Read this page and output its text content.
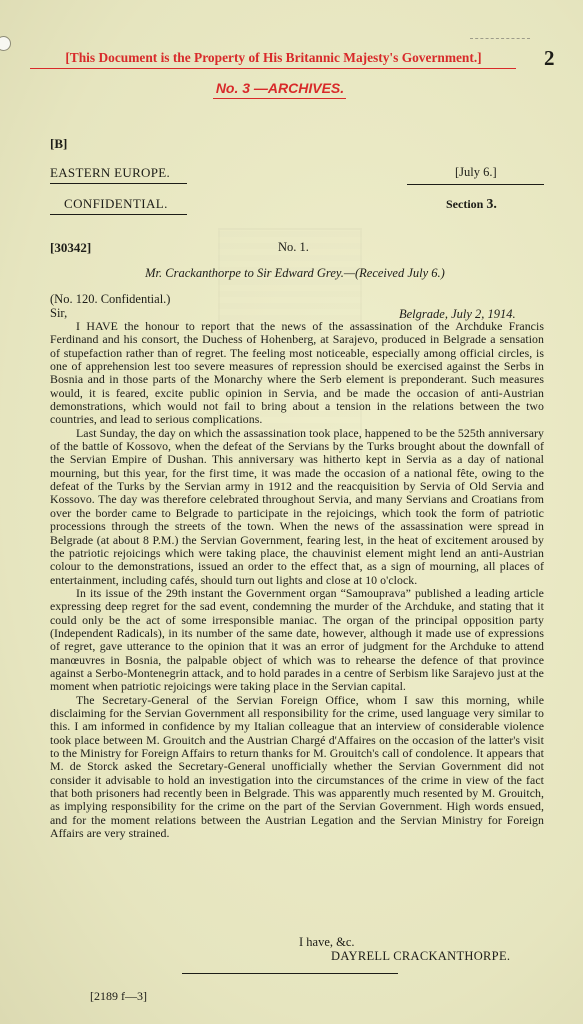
[This Document is the Property of His Britannic Majesty's Government.]	2
No. 3 —ARCHIVES.
[B]
EASTERN EUROPE.	[July 6.]
CONFIDENTIAL.	Section 3.
[30342]	No. 1.
Mr. Crackanthorpe to Sir Edward Grey.—(Received July 6.)
(No. 120. Confidential.)
Sir,	Belgrade, July 2, 1914.

I HAVE the honour to report that the news of the assassination of the Archduke Francis Ferdinand and his consort, the Duchess of Hohenberg, at Sarajevo, produced in Belgrade a sensation of stupefaction rather than of regret. The feeling most noticeable, especially among official circles, is one of apprehension lest too severe measures of repression should be exercised against the Serbs in Bosnia and in those parts of the Monarchy where the Serb element is preponderant. Such measures would, it is feared, excite public opinion in Servia, and be made the occasion of anti-Austrian demonstrations, which would not fail to bring about a tension in the relations between the two countries, and lead to serious complications.

Last Sunday, the day on which the assassination took place, happened to be the 525th anniversary of the battle of Kossovo, when the defeat of the Servians by the Turks brought about the downfall of the Servian Empire of Dushan. This anniversary was hitherto kept in Servia as a day of national mourning, but this year, for the first time, it was made the occasion of a national fête, owing to the defeat of the Turks by the Servian army in 1912 and the reacquisition by Servia of Old Servia and Kossovo. The day was therefore celebrated throughout Servia, and many Servians and Croatians from over the border came to Belgrade to participate in the rejoicings, which took the form of patriotic processions through the streets of the town. When the news of the assassination were spread in Belgrade (at about 8 P.M.) the Servian Government, fearing lest, in the heat of excitement aroused by the patriotic rejoicings which were taking place, the chauvinist element might lend an anti-Austrian colour to the demonstrations, issued an order to the effect that, as a sign of mourning, all places of entertainment, including cafés, should turn out lights and close at 10 o'clock.

In its issue of the 29th instant the Government organ “Samouprava” published a leading article expressing deep regret for the sad event, condemning the murder of the Archduke, and stating that it could only be the act of some irresponsible maniac. The organ of the principal opposition party (Independent Radicals), in its number of the same date, however, although it made use of expressions of regret, gave utterance to the opinion that it was an error of judgment for the Archduke to attend manœuvres in Bosnia, the palpable object of which was to rehearse the defence of that province against a Serbo-Montenegrin attack, and to hold parades in a centre of Serbism like Sarajevo just at the moment when patriotic rejoicings were taking place in the Servian capital.

The Secretary-General of the Servian Foreign Office, whom I saw this morning, while disclaiming for the Servian Government all responsibility for the crime, used language very similar to this. I am informed in confidence by my Italian colleague that an interview of considerable violence took place between M. Grouitch and the Austrian Chargé d'Affaires on the occasion of the latter's visit to the Ministry for Foreign Affairs to return thanks for M. Grouitch's call of condolence. It appears that M. de Storck asked the Secretary-General unofficially whether the Servian Government did not consider it advisable to hold an investigation into the circumstances of the crime in view of the fact that both prisoners had recently been in Belgrade. This was apparently much resented by M. Grouitch, as implying responsibility for the crime on the part of the Servian Government. High words ensued, and for the moment relations between the Austrian Legation and the Servian Ministry for Foreign Affairs are very strained.

I have, &c.
DAYRELL CRACKANTHORPE.
[2189 f—3]
